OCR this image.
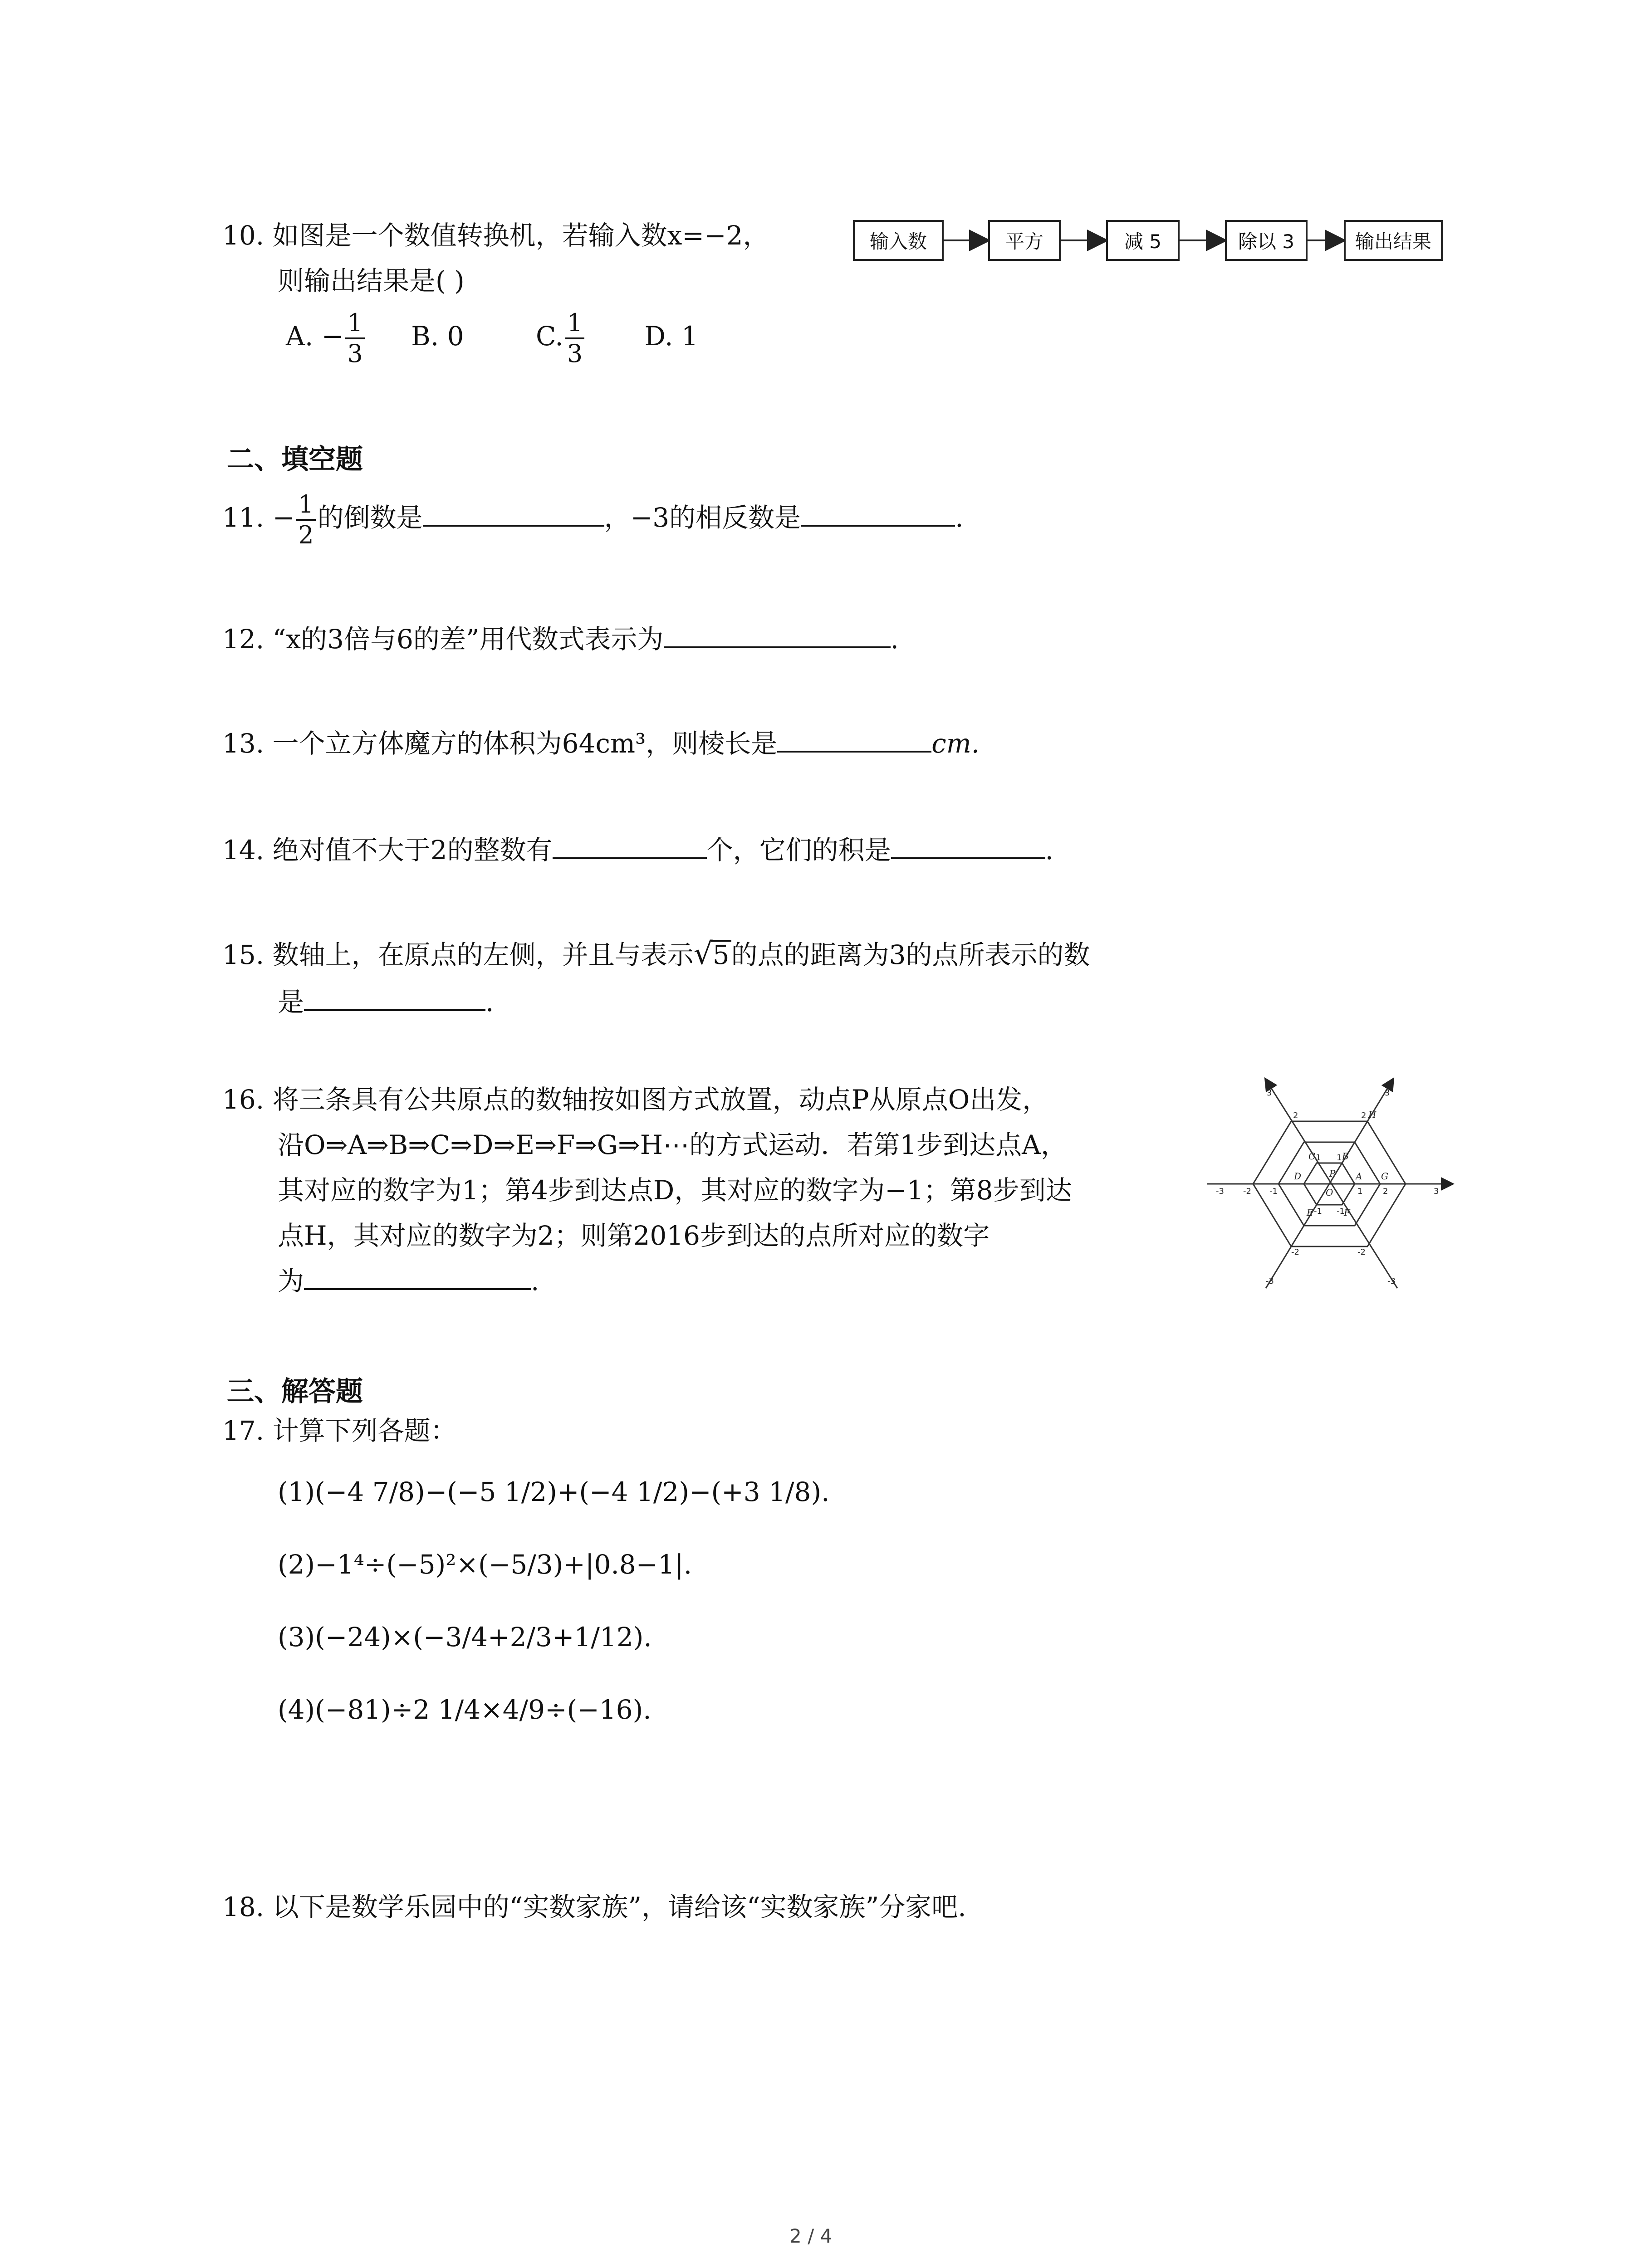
10. 如图是一个数值转换机，若输入数x=−2，
则输出结果是( )
A. − $\frac{1}{3} B$. 0	C. $\frac{1}{3} D$. 1
输入数	平方	减 5	除以 3	输出结果
二、填空题
11. − $\frac{1}{2}$ 的倒数是	，−3的相反数是	.
12. “x的3倍与6的差”用代数式表示为	.
13. 一个立方体魔方的体积为64cm³，则棱长是	cm.
14. 绝对值不大于2的整数有	个，它们的积是	.
15. 数轴上，在原点的左侧，并且与表示√5的点的距离为3的点所表示的数
是	.
16. 将三条具有公共原点的数轴按如图方式放置，动点P从原点O出发，
沿O⇒A⇒B⇒C⇒D⇒E⇒F⇒G⇒H⋯的方式运动．若第1步到达点A，
其对应的数字为1；第4步到达点D，其对应的数字为−1；第8步到达
点H，其对应的数字为2；则第2016步到达的点所对应的数字
为	.
-3 -2 -1	1 2	3
3
2
1
-1
-2
-3
3
2
1
-1
-2
-3
A
B
C
D
E	F
G
H
P
O
三、解答题
17. 计算下列各题：
(1)(−4 7/8)−(−5 1/2)+(−4 1/2)−(+3 1/8).
(2)−1⁴÷(−5)²×(−5/3)+|0.8−1|.
(3)(−24)×(−3/4+2/3+1/12).
(4)(−81)÷2 1/4×4/9÷(−16).
18. 以下是数学乐园中的“实数家族”，请给该“实数家族”分家吧.
2 / 4
